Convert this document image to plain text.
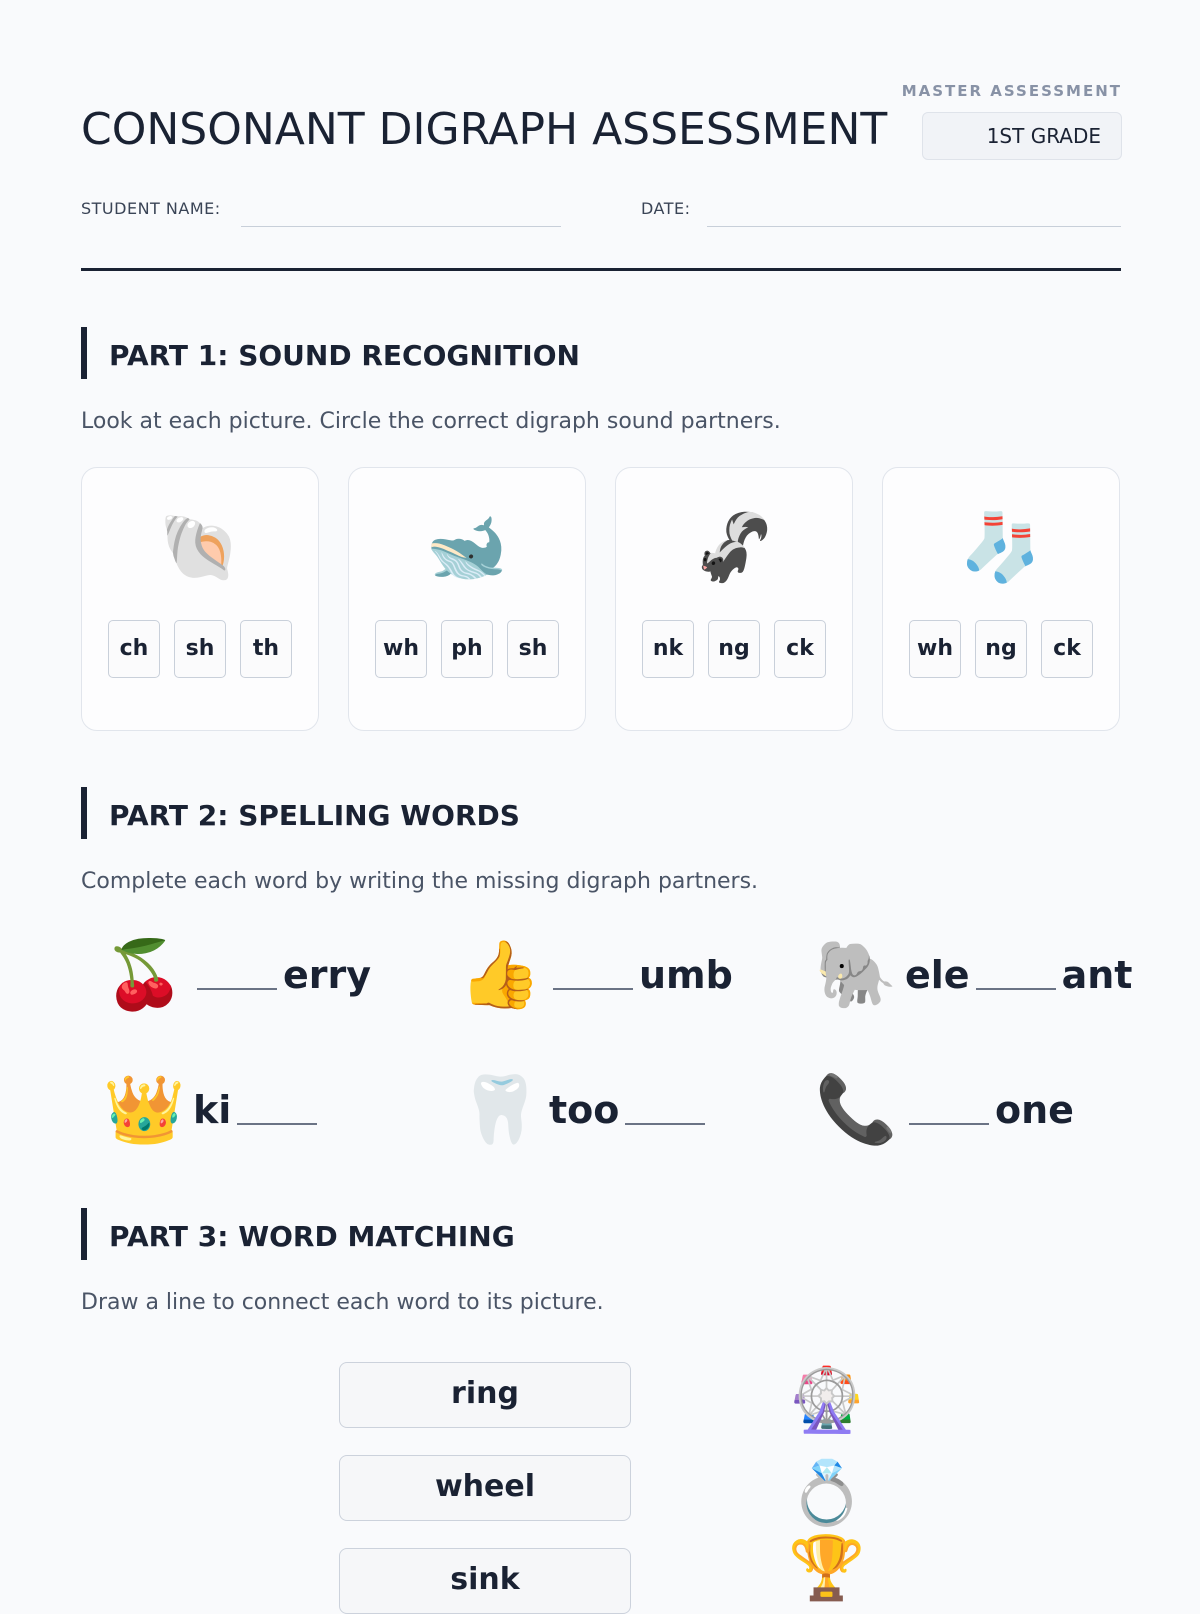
MASTER ASSESSMENT
1ST GRADE
CONSONANT DIGRAPH ASSESSMENT
STUDENT NAME:	DATE:
PART 1: SOUND RECOGNITION
Look at each picture. Circle the correct digraph sound partners.
🐚
ch	sh	th
🐋
wh	ph	sh
🦨
nk	ng	ck
🧦
wh	ng	ck
PART 2: SPELLING WORDS
Complete each word by writing the missing digraph partners.
🍒	erry 👍	umb 🐘 ele ant
👑 ki	🦷 too	📞	one
PART 3: WORD MATCHING
Draw a line to connect each word to its picture.
ring
wheel
sink
🎡
💍
🏆
